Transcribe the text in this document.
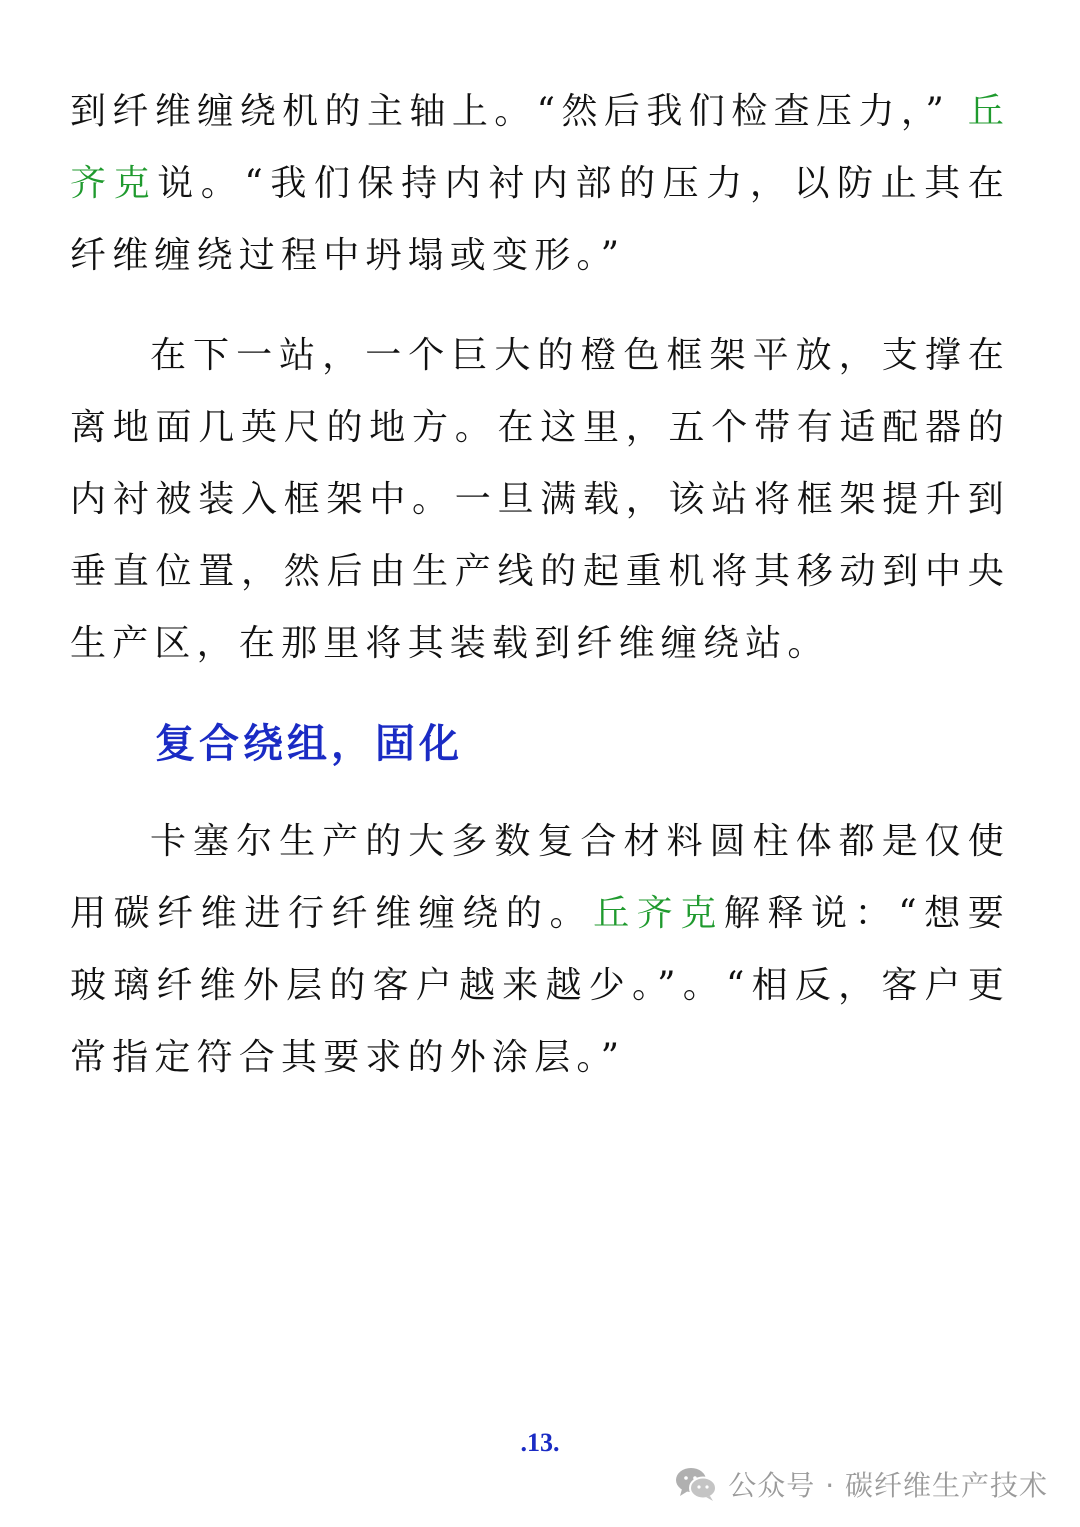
到纤维缠绕机的主轴上。“然后我们检查压力，” 丘齐克说。“我们保持内衬内部的压力，以防止其在纤维缠绕过程中坍塌或变形。”

在下一站，一个巨大的橙色框架平放，支撑在离地面几英尺的地方。在这里，五个带有适配器的内衬被装入框架中。一旦满载，该站将框架提升到垂直位置，然后由生产线的起重机将其移动到中央生产区，在那里将其装载到纤维缠绕站。

复合绕组，固化

卡塞尔生产的大多数复合材料圆柱体都是仅使用碳纤维进行纤维缠绕的。丘齐克解释说：“想要玻璃纤维外层的客户越来越少。”。“相反，客户更常指定符合其要求的外涂层。”

.13.
公众号 · 碳纤维生产技术
